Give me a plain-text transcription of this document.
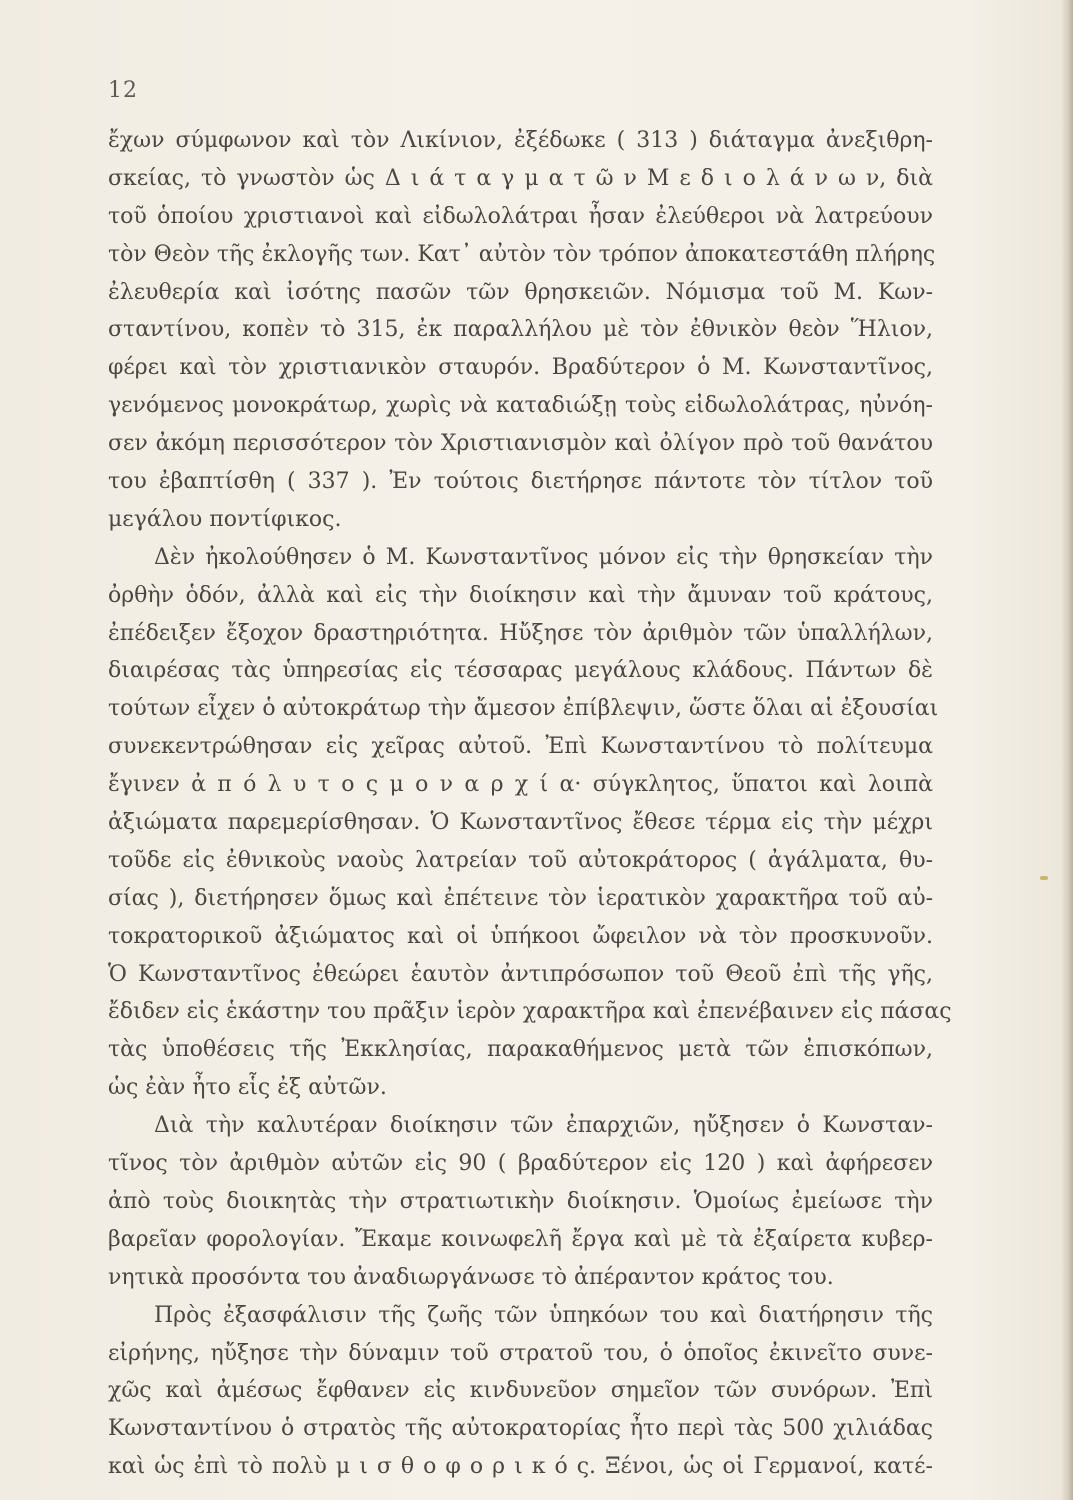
12
ἔχων σύμφωνον καὶ τὸν Λικίνιον, ἐξέδωκε ( 313 ) διάταγμα ἀνεξιθρη-
σκείας, τὸ γνωστὸν ὡς Δ ι ά τ α γ μ α τ ῶ ν Μ ε δ ι ο λ ά ν ω ν, διὰ
τοῦ ὁποίου χριστιανοὶ καὶ εἰδωλολάτραι ἦσαν ἐλεύθεροι νὰ λατρεύουν
τὸν Θεὸν τῆς ἐκλογῆς των. Κατ᾿ αὐτὸν τὸν τρόπον ἀποκατεστάθη πλήρης
ἐλευθερία καὶ ἰσότης πασῶν τῶν θρησκειῶν. Νόμισμα τοῦ Μ. Κων-
σταντίνου, κοπὲν τὸ 315, ἐκ παραλλήλου μὲ τὸν ἐθνικὸν θεὸν Ἥλιον,
φέρει καὶ τὸν χριστιανικὸν σταυρόν. Βραδύτερον ὁ Μ. Κωνσταντῖνος,
γενόμενος μονοκράτωρ, χωρὶς νὰ καταδιώξῃ τοὺς εἰδωλολάτρας, ηὐνόη-
σεν ἀκόμη περισσότερον τὸν Χριστιανισμὸν καὶ ὀλίγον πρὸ τοῦ θανάτου
του ἐβαπτίσθη ( 337 ). Ἐν τούτοις διετήρησε πάντοτε τὸν τίτλον τοῦ
μεγάλου ποντίφικος.
Δὲν ἠκολούθησεν ὁ Μ. Κωνσταντῖνος μόνον εἰς τὴν θρησκείαν τὴν
ὀρθὴν ὁδόν, ἀλλὰ καὶ εἰς τὴν διοίκησιν καὶ τὴν ἄμυναν τοῦ κράτους,
ἐπέδειξεν ἔξοχον δραστηριότητα. Ηὔξησε τὸν ἀριθμὸν τῶν ὑπαλλήλων,
διαιρέσας τὰς ὑπηρεσίας εἰς τέσσαρας μεγάλους κλάδους. Πάντων δὲ
τούτων εἶχεν ὁ αὐτοκράτωρ τὴν ἄμεσον ἐπίβλεψιν, ὥστε ὅλαι αἱ ἐξουσίαι
συνεκεντρώθησαν εἰς χεῖρας αὐτοῦ. Ἐπὶ Κωνσταντίνου τὸ πολίτευμα
ἔγινεν ἀ π ό λ υ τ ο ς μ ο ν α ρ χ ί α· σύγκλητος, ὕπατοι καὶ λοιπὰ
ἀξιώματα παρεμερίσθησαν. Ὁ Κωνσταντῖνος ἔθεσε τέρμα εἰς τὴν μέχρι
τοῦδε εἰς ἐθνικοὺς ναοὺς λατρείαν τοῦ αὐτοκράτορος ( ἀγάλματα, θυ-
σίας ), διετήρησεν ὅμως καὶ ἐπέτεινε τὸν ἱερατικὸν χαρακτῆρα τοῦ αὐ-
τοκρατορικοῦ ἀξιώματος καὶ οἱ ὑπήκοοι ὤφειλον νὰ τὸν προσκυνοῦν.
Ὁ Κωνσταντῖνος ἐθεώρει ἑαυτὸν ἀντιπρόσωπον τοῦ Θεοῦ ἐπὶ τῆς γῆς,
ἔδιδεν εἰς ἑκάστην του πρᾶξιν ἱερὸν χαρακτῆρα καὶ ἐπενέβαινεν εἰς πάσας
τὰς ὑποθέσεις τῆς Ἐκκλησίας, παρακαθήμενος μετὰ τῶν ἐπισκόπων,
ὡς ἐὰν ἦτο εἷς ἐξ αὐτῶν.
Διὰ τὴν καλυτέραν διοίκησιν τῶν ἐπαρχιῶν, ηὔξησεν ὁ Κωνσταν-
τῖνος τὸν ἀριθμὸν αὐτῶν εἰς 90 ( βραδύτερον εἰς 120 ) καὶ ἀφήρεσεν
ἀπὸ τοὺς διοικητὰς τὴν στρατιωτικὴν διοίκησιν. Ὁμοίως ἐμείωσε τὴν
βαρεῖαν φορολογίαν. Ἔκαμε κοινωφελῆ ἔργα καὶ μὲ τὰ ἐξαίρετα κυβερ-
νητικὰ προσόντα του ἀναδιωργάνωσε τὸ ἀπέραντον κράτος του.
Πρὸς ἐξασφάλισιν τῆς ζωῆς τῶν ὑπηκόων του καὶ διατήρησιν τῆς
εἰρήνης, ηὔξησε τὴν δύναμιν τοῦ στρατοῦ του, ὁ ὁποῖος ἐκινεῖτο συνε-
χῶς καὶ ἀμέσως ἔφθανεν εἰς κινδυνεῦον σημεῖον τῶν συνόρων. Ἐπὶ
Κωνσταντίνου ὁ στρατὸς τῆς αὐτοκρατορίας ἦτο περὶ τὰς 500 χιλιάδας
καὶ ὡς ἐπὶ τὸ πολὺ μ ι σ θ ο φ ο ρ ι κ ό ς. Ξένοι, ὡς οἱ Γερμανοί, κατέ-
